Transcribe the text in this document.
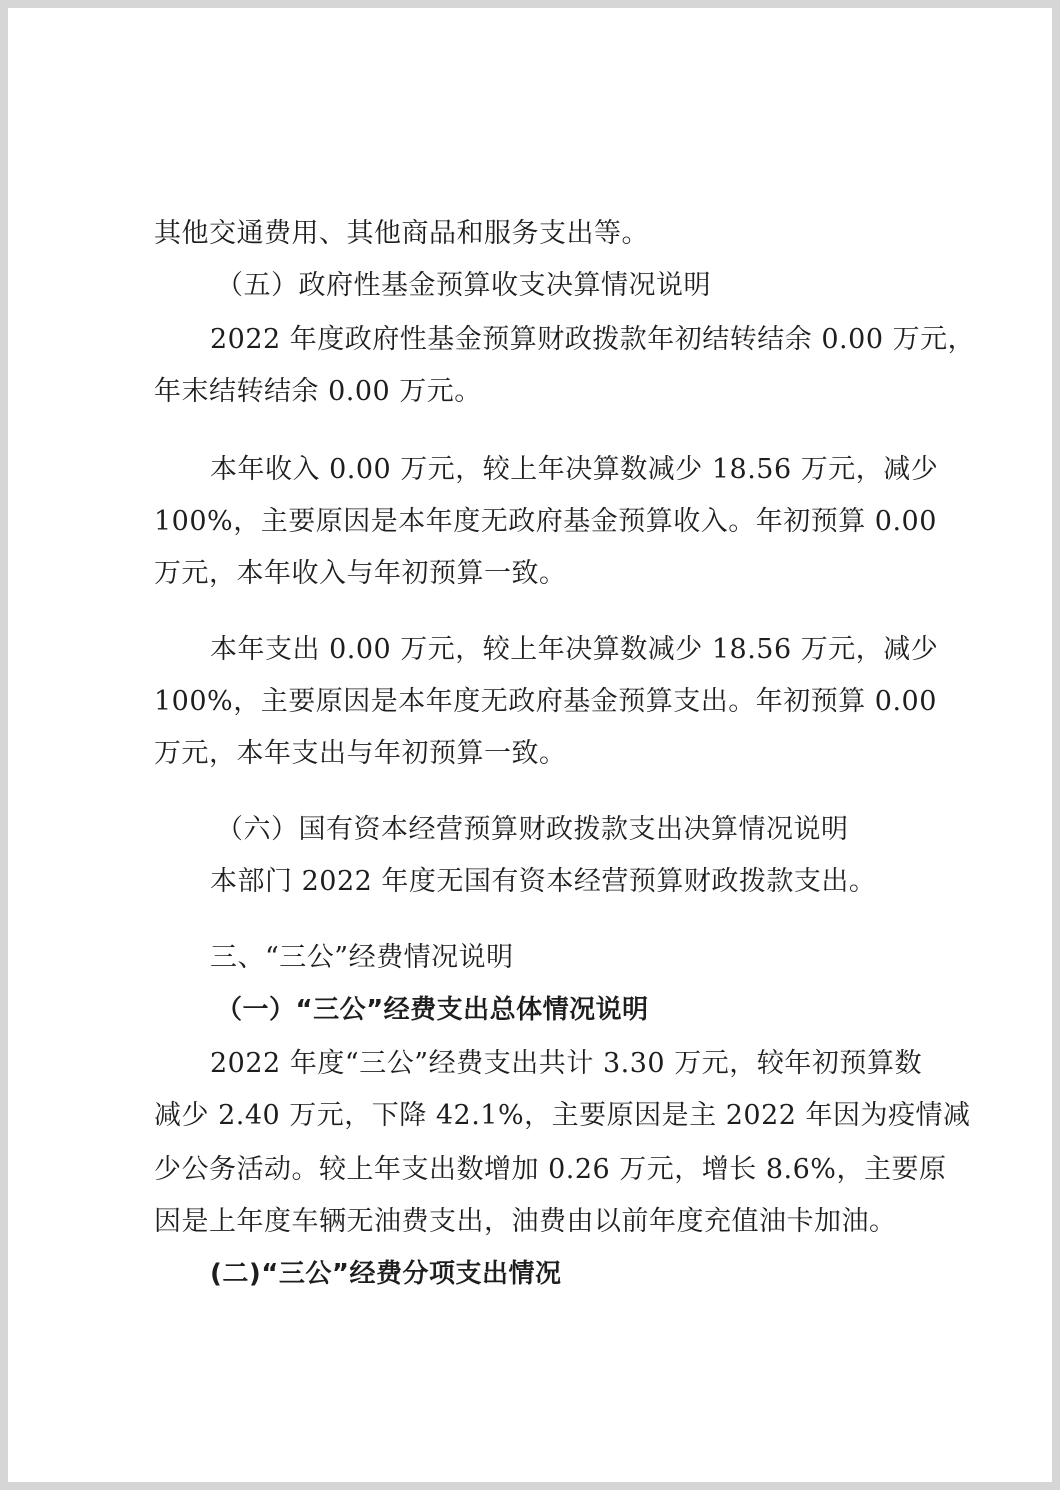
其他交通费用、其他商品和服务支出等。
（五）政府性基金预算收支决算情况说明
2022 年度政府性基金预算财政拨款年初结转结余 0.00 万元，
年末结转结余 0.00 万元。
本年收入 0.00 万元，较上年决算数减少 18.56 万元，减少
100%，主要原因是本年度无政府基金预算收入。年初预算 0.00
万元，本年收入与年初预算一致。
本年支出 0.00 万元，较上年决算数减少 18.56 万元，减少
100%，主要原因是本年度无政府基金预算支出。年初预算 0.00
万元，本年支出与年初预算一致。
（六）国有资本经营预算财政拨款支出决算情况说明
本部门 2022 年度无国有资本经营预算财政拨款支出。
三、“三公”经费情况说明
（一）“三公”经费支出总体情况说明
2022 年度“三公”经费支出共计 3.30 万元，较年初预算数
减少 2.40 万元，下降 42.1%，主要原因是主 2022 年因为疫情减
少公务活动。较上年支出数增加 0.26 万元，增长 8.6%，主要原
因是上年度车辆无油费支出，油费由以前年度充值油卡加油。
(二)“三公”经费分项支出情况
